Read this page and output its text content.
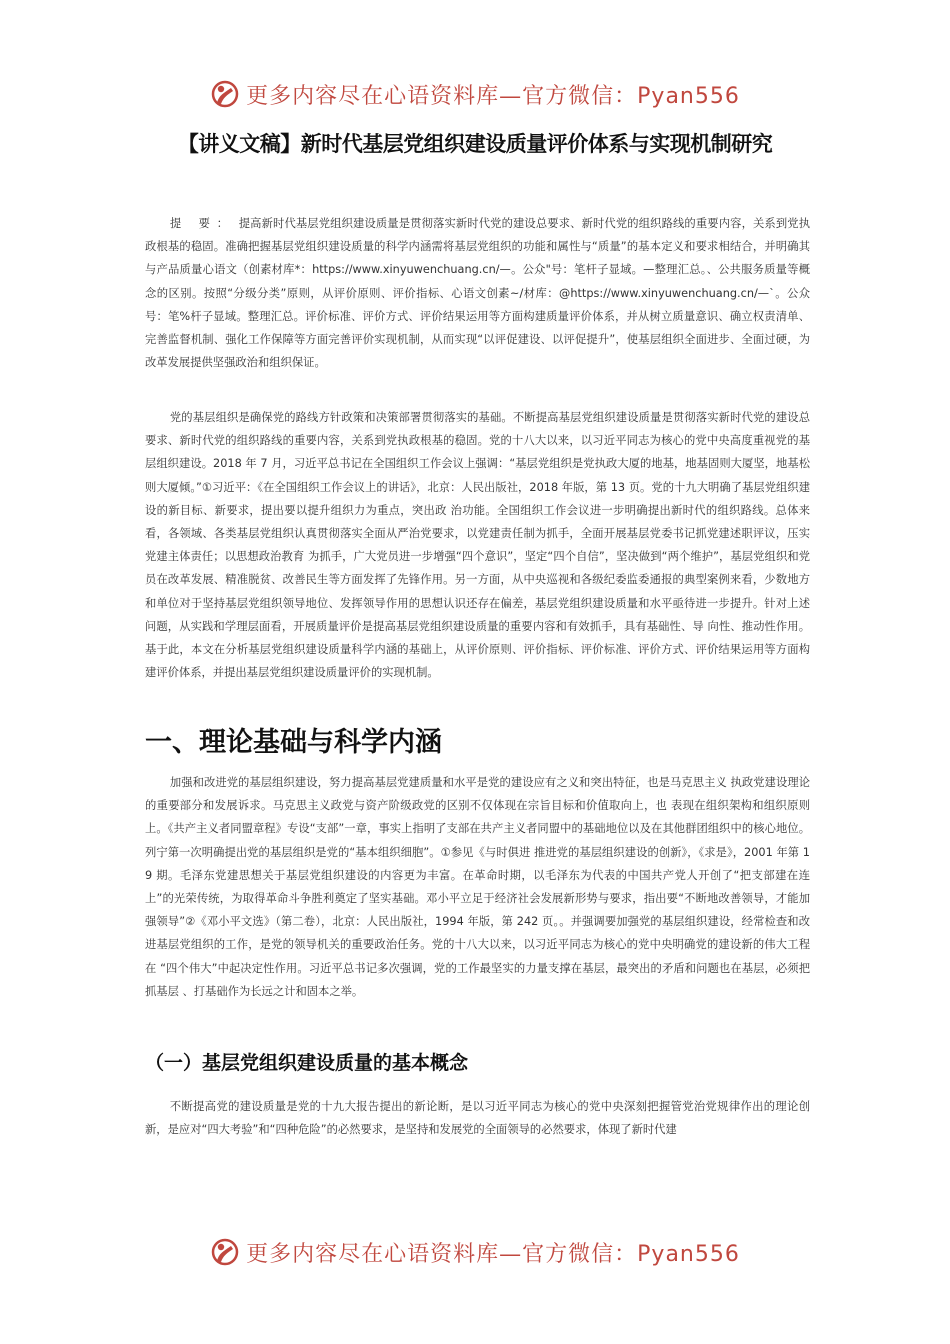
更多内容尽在心语资料库—官方微信：Pyan556
【讲义文稿】新时代基层党组织建设质量评价体系与实现机制研究

提 要： 提高新时代基层党组织建设质量是贯彻落实新时代党的建设总要求、新时代党的组织路线的重要内容，关系到党执政根基的稳固。准确把握基层党组织建设质量的科学内涵需将基层党组织的功能和属性与“质量”的基本定义和要求相结合，并明确其与产品质量心语文（创素材库*：https://www.xinyuwenchuang.cn/—。公众"号：笔杆子显域。—整理汇总。、公共服务质量等概念的区别。按照“分级分类”原则，从评价原则、评价指标、心语文创素~/材库：@https://www.xinyuwenchuang.cn/—`。公众号：笔%杆子显域。整理汇总。评价标准、评价方式、评价结果运用等方面构建质量评价体系，并从树立质量意识、确立权责清单、完善监督机制、强化工作保障等方面完善评价实现机制，从而实现“以评促建设、以评促提升”，使基层组织全面进步、全面过硬，为改革发展提供坚强政治和组织保证。

党的基层组织是确保党的路线方针政策和决策部署贯彻落实的基础。不断提高基层党组织建设质量是贯彻落实新时代党的建设总要求、新时代党的组织路线的重要内容，关系到党执政根基的稳固。党的十八大以来，以习近平同志为核心的党中央高度重视党的基层组织建设。2018 年 7 月，习近平总书记在全国组织工作会议上强调：“基层党组织是党执政大厦的地基，地基固则大厦坚，地基松则大厦倾。”①习近平：《在全国组织工作会议上的讲话》，北京：人民出版社，2018 年版，第 13 页。党的十九大明确了基层党组织建设的新目标、新要求，提出要以提升组织力为重点，突出政 治功能。全国组织工作会议进一步明确提出新时代的组织路线。总体来看，各领域、各类基层党组织认真贯彻落实全面从严治党要求，以党建责任制为抓手，全面开展基层党委书记抓党建述职评议，压实党建主体责任；以思想政治教育 为抓手，广大党员进一步增强“四个意识”，坚定“四个自信”，坚决做到“两个维护”，基层党组织和党员在改革发展、精准脱贫、改善民生等方面发挥了先锋作用。另一方面，从中央巡视和各级纪委监委通报的典型案例来看，少数地方和单位对于坚持基层党组织领导地位、发挥领导作用的思想认识还存在偏差，基层党组织建设质量和水平亟待进一步提升。针对上述问题，从实践和学理层面看，开展质量评价是提高基层党组织建设质量的重要内容和有效抓手，具有基础性、导 向性、推动性作用。基于此，本文在分析基层党组织建设质量科学内涵的基础上，从评价原则、评价指标、评价标准、评价方式、评价结果运用等方面构建评价体系，并提出基层党组织建设质量评价的实现机制。

一、理论基础与科学内涵

加强和改进党的基层组织建设，努力提高基层党建质量和水平是党的建设应有之义和突出特征，也是马克思主义 执政党建设理论的重要部分和发展诉求。马克思主义政党与资产阶级政党的区别不仅体现在宗旨目标和价值取向上，也 表现在组织架构和组织原则上。《共产主义者同盟章程》专设“支部”一章，事实上指明了支部在共产主义者同盟中的基础地位以及在其他群团组织中的核心地位。列宁第一次明确提出党的基层组织是党的“基本组织细胞”。①参见《与时俱进 推进党的基层组织建设的创新》，《求是》，2001 年第 19 期。毛泽东党建思想关于基层党组织建设的内容更为丰富。在革命时期，以毛泽东为代表的中国共产党人开创了“把支部建在连上”的光荣传统，为取得革命斗争胜利奠定了坚实基础。邓小平立足于经济社会发展新形势与要求，指出要“不断地改善领导，才能加强领导”②《邓小平文选》（第二卷），北京：人民出版社，1994 年版，第 242 页。。并强调要加强党的基层组织建设，经常检查和改进基层党组织的工作，是党的领导机关的重要政治任务。党的十八大以来，以习近平同志为核心的党中央明确党的建设新的伟大工程在 “四个伟大”中起决定性作用。习近平总书记多次强调，党的工作最坚实的力量支撑在基层，最突出的矛盾和问题也在基层，必须把抓基层 、打基础作为长远之计和固本之举。

（一）基层党组织建设质量的基本概念

不断提高党的建设质量是党的十九大报告提出的新论断，是以习近平同志为核心的党中央深刻把握管党治党规律作出的理论创新，是应对“四大考验”和“四种危险”的必然要求，是坚持和发展党的全面领导的必然要求，体现了新时代建

更多内容尽在心语资料库—官方微信：Pyan556
